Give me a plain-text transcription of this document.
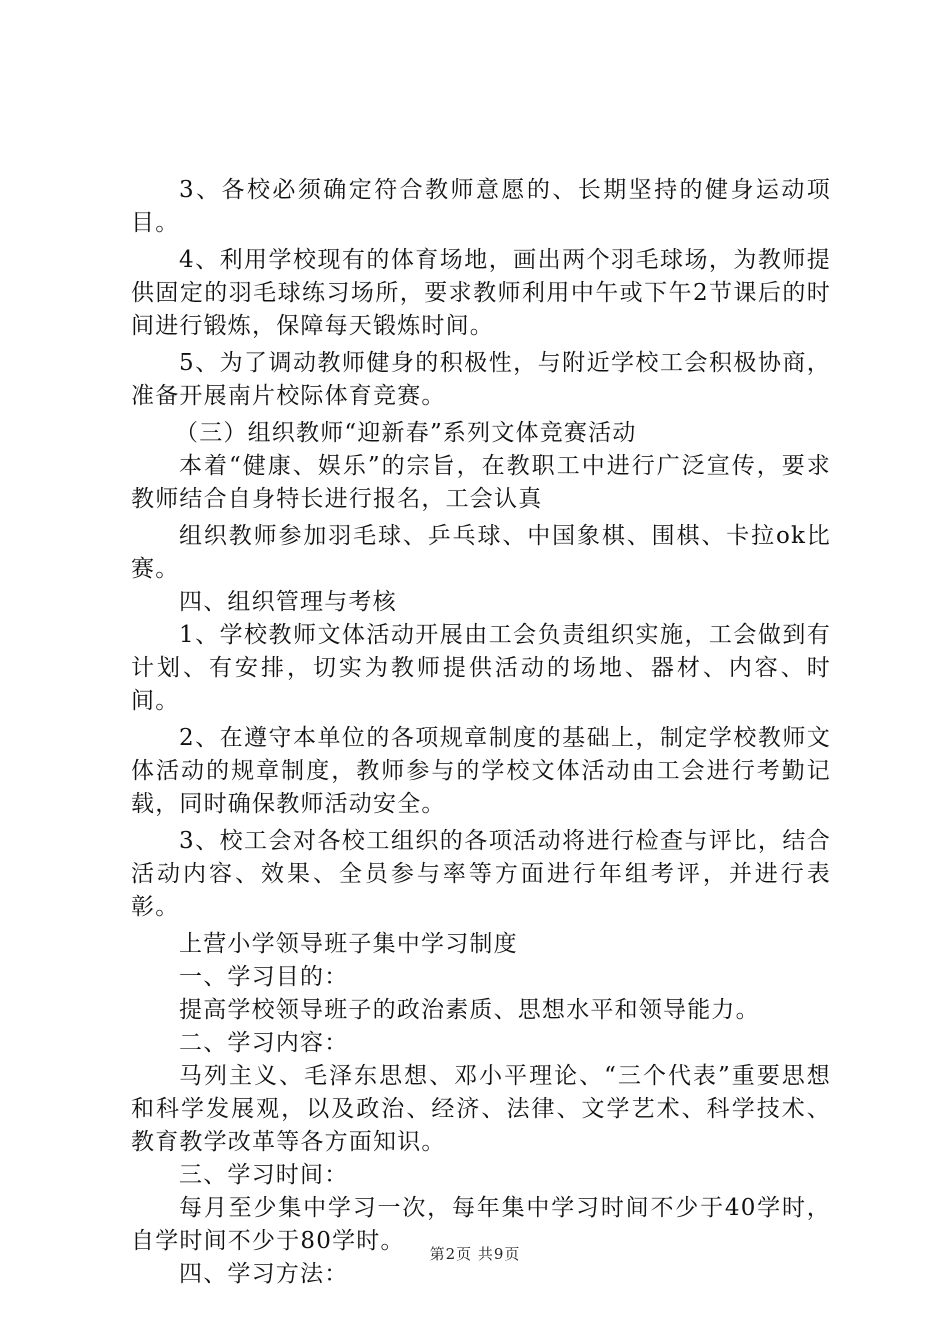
3、各校必须确定符合教师意愿的、长期坚持的健身运动项目。

4、利用学校现有的体育场地，画出两个羽毛球场，为教师提供固定的羽毛球练习场所，要求教师利用中午或下午2节课后的时间进行锻炼，保障每天锻炼时间。

5、为了调动教师健身的积极性，与附近学校工会积极协商，准备开展南片校际体育竞赛。

（三）组织教师“迎新春”系列文体竞赛活动

本着“健康、娱乐”的宗旨，在教职工中进行广泛宣传，要求教师结合自身特长进行报名，工会认真

组织教师参加羽毛球、乒乓球、中国象棋、围棋、卡拉ok比赛。

四、组织管理与考核

1、学校教师文体活动开展由工会负责组织实施，工会做到有计划、有安排，切实为教师提供活动的场地、器材、内容、时间。

2、在遵守本单位的各项规章制度的基础上，制定学校教师文体活动的规章制度，教师参与的学校文体活动由工会进行考勤记载，同时确保教师活动安全。

3、校工会对各校工组织的各项活动将进行检查与评比，结合活动内容、效果、全员参与率等方面进行年组考评，并进行表彰。

上营小学领导班子集中学习制度

一、学习目的：

提高学校领导班子的政治素质、思想水平和领导能力。

二、学习内容：

马列主义、毛泽东思想、邓小平理论、“三个代表”重要思想和科学发展观，以及政治、经济、法律、文学艺术、科学技术、教育教学改革等各方面知识。

三、学习时间：

每月至少集中学习一次，每年集中学习时间不少于40学时，自学时间不少于80学时。

四、学习方法：

第2页 共9页
